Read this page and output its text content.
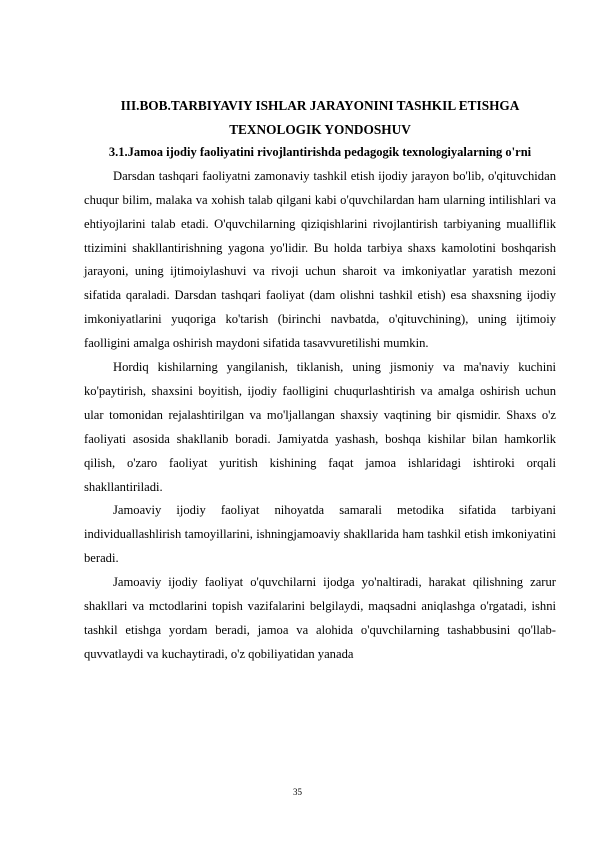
III.BOB.TARBIYAVIY ISHLAR JARAYONINI TASHKIL ETISHGA TEXNOLOGIK YONDOSHUV
3.1.Jamoa ijodiy faoliyatini rivojlantirishda pedagogik texnologiyalarning o'rni

Darsdan tashqari faoliyatni zamonaviy tashkil etish ijodiy jarayon bo'lib, o'qituvchidan chuqur bilim, malaka va xohish talab qilgani kabi o'quvchilardan ham ularning intilishlari va ehtiyojlarini talab etadi. O'quvchilarning qiziqishlarini rivojlantirish tarbiyaning mualliflik ttizimini shakllantirishning yagona yo'lidir. Bu holda tarbiya shaxs kamolotini boshqarish jarayoni, uning ijtimoiylashuvi va rivoji uchun sharoit va imkoniyatlar yaratish mezoni sifatida qaraladi. Darsdan tashqari faoliyat (dam olishni tashkil etish) esa shaxsning ijodiy imkoniyatlarini yuqoriga ko'tarish (birinchi navbatda, o'qituvchining), uning ijtimoiy faolligini amalga oshirish maydoni sifatida tasavvuretilishi mumkin.

Hordiq kishilarning yangilanish, tiklanish, uning jismoniy va ma'naviy kuchini ko'paytirish, shaxsini boyitish, ijodiy faolligini chuqurlashtirish va amalga oshirish uchun ular tomonidan rejalashtirilgan va mo'ljallangan shaxsiy vaqtining bir qismidir. Shaxs o'z faoliyati asosida shakllanib boradi. Jamiyatda yashash, boshqa kishilar bilan hamkorlik qilish, o'zaro faoliyat yuritish kishining faqat jamoa ishlaridagi ishtiroki orqali shakllantiriladi.

Jamoaviy ijodiy faoliyat nihoyatda samarali metodika sifatida tarbiyani individuallashlirish tamoyillarini, ishningjamoaviy shakllarida ham tashkil etish imkoniyatini beradi.

Jamoaviy ijodiy faoliyat o'quvchilarni ijodga yo'naltiradi, harakat qilishning zarur shakllari va mctodlarini topish vazifalarini belgilaydi, maqsadni aniqlashga o'rgatadi, ishni tashkil etishga yordam beradi, jamoa va alohida o'quvchilarning tashabbusini qo'llab-quvvatlaydi va kuchaytiradi, o'z qobiliyatidan yanada

35
